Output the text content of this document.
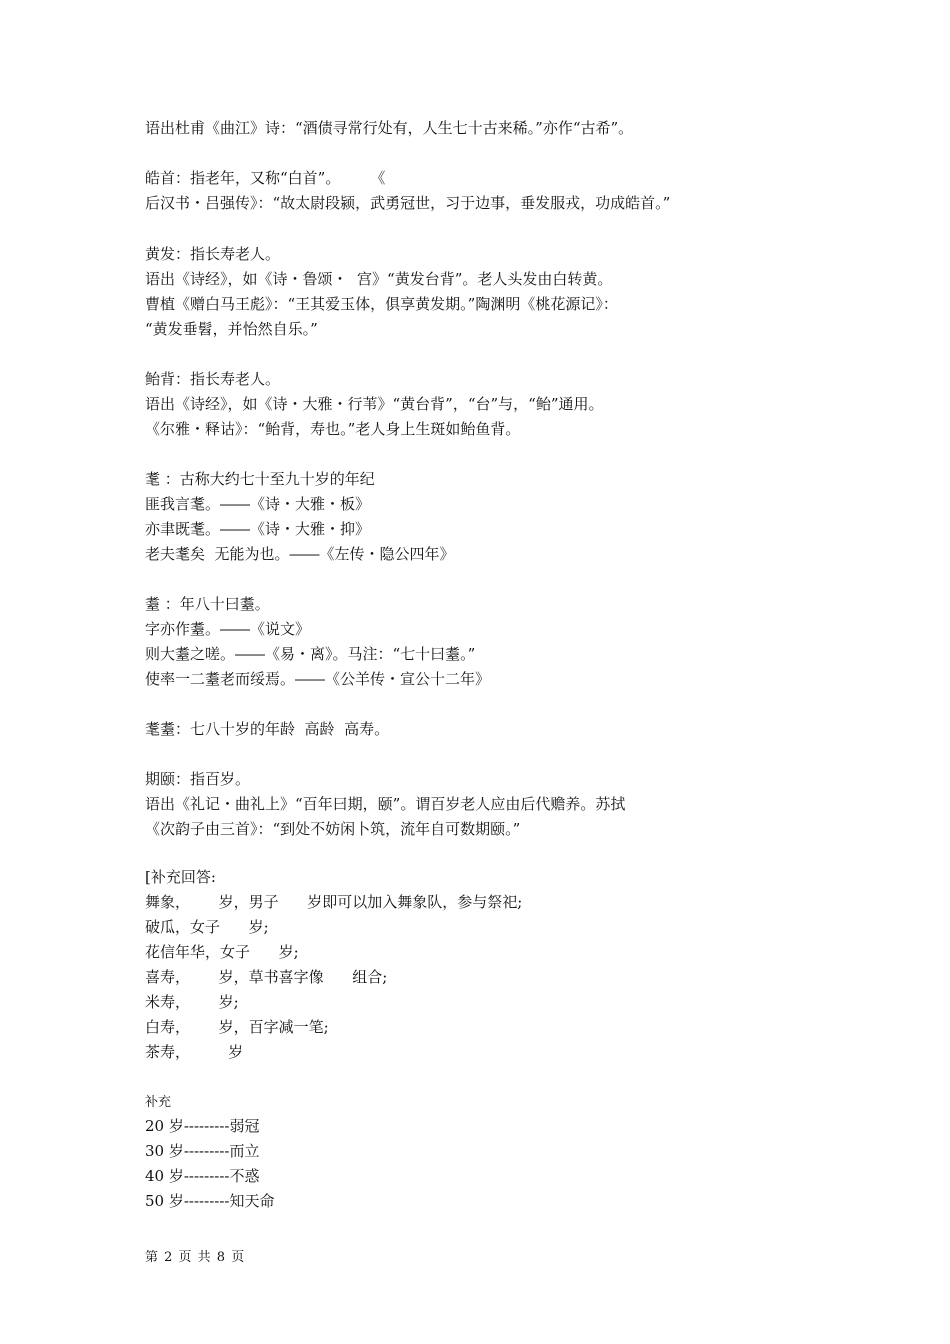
语出杜甫《曲江》诗：“酒债寻常行处有，人生七十古来稀。”亦作“古希”。
皓首：指老年，又称“白首”。　　　《
后汉书・吕强传》：“故太尉段颍，武勇冠世，习于边事，垂发服戎，功成皓首。”
黄发：指长寿老人。
语出《诗经》，如《诗・鲁颂・  宫》“黄发台背”。老人头发由白转黄。
曹植《赠白马王彪》：“王其爱玉体，俱享黄发期。”陶渊明《桃花源记》：
“黄发垂髫，并怡然自乐。”
鲐背：指长寿老人。
语出《诗经》，如《诗・大雅・行苇》“黄台背”，“台”与，“鲐”通用。
《尔雅・释诂》：“鲐背，寿也。”老人身上生斑如鲐鱼背。
耄 ：古称大约七十至九十岁的年纪
匪我言耄。――《诗・大雅・板》
亦聿既耄。――《诗・大雅・抑》
老夫耄矣  无能为也。――《左传・隐公四年》
耋 ：年八十曰耋。
字亦作耋。――《说文》
则大耋之嗟。――《易・离》。马注：“七十曰耋。”
使率一二耋老而绥焉。――《公羊传・宣公十二年》
耄耋：七八十岁的年龄  高龄  高寿。
期颐：指百岁。
语出《礼记・曲礼上》“百年曰期，颐”。谓百岁老人应由后代赡养。苏拭
《次韵子由三首》：“到处不妨闲卜筑，流年自可数期颐。”
[补充回答:
舞象，      岁，男子      岁即可以加入舞象队，参与祭祀;
破瓜，女子      岁;
花信年华，女子      岁;
喜寿，      岁，草书喜字像      组合;
米寿，      岁;
白寿，      岁，百字减一笔;
茶寿，        岁
补充
20 岁---------弱冠
30 岁---------而立
40 岁---------不惑
50 岁---------知天命
第 2 页 共 8 页
